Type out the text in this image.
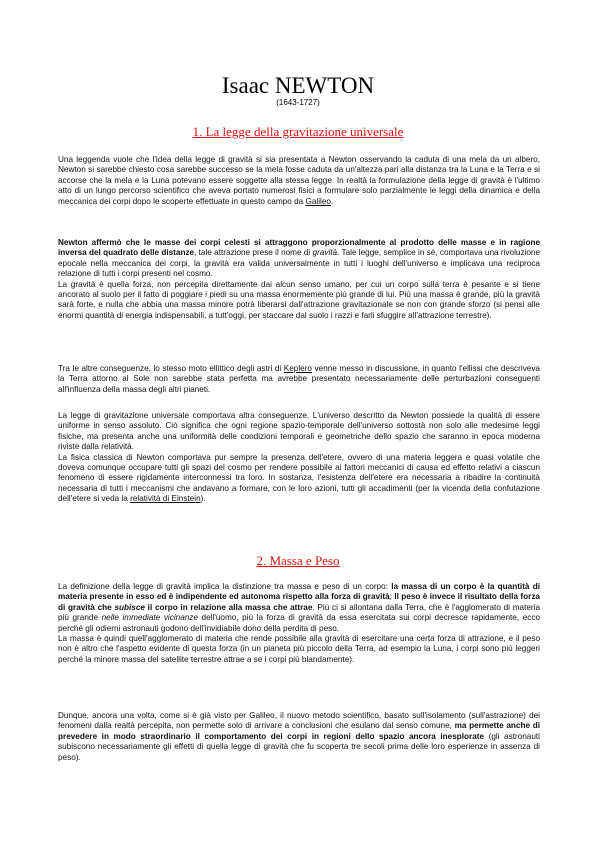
Isaac NEWTON
(1643-1727)
1. La legge della gravitazione universale
Una leggenda vuole che l'idea della legge di gravità si sia presentata a Newton osservando la caduta di una mela da un albero, Newton si sarebbe chiesto cosa sarebbe successo se la mela fosse caduta da un'altezza pari alla distanza tra la Luna e la Terra e si accorse che la mela e la Luna potevano essere soggette alla stessa legge. In realtà la formulazione della legge di gravità è l'ultimo atto di un lungo percorso scientifico che aveva portato numerosi fisici a formulare solo parzialmente le leggi della dinamica e della meccanica dei corpi dopo le scoperte effettuate in questo campo da Galileo.
Newton affermò che le masse dei corpi celesti si attraggono proporzionalmente al prodotto delle masse e in ragione inversa del quadrato delle distanze, tale attrazione prese il nome di gravità. Tale legge, semplice in sé, comportava una rivoluzione epocale nella meccanica dei corpi, la gravità era valida universalmente in tutti i luoghi dell'universo e implicava una reciproca relazione di tutti i corpi presenti nel cosmo.
La gravità è quella forza, non percepita direttamente dai alcun senso umano, per cui un corpo sulla terra è pesante e si tiene ancorato al suolo per il fatto di poggiare i piedi su una massa enormemente più grande di lui. Più una massa è grande, più la gravità sarà forte, e nulla che abbia una massa minore potrà liberarsi dall'attrazione gravitazionale se non con grande sforzo (si pensi alle enormi quantità di energia indispensabili, a tutt'oggi, per staccare dal suolo i razzi e farli sfuggire all'attrazione terrestre).
Tra le altre conseguenze, lo stesso moto ellittico degli astri di Keplero venne messo in discussione, in quanto l'ellissi che descriveva la Terra attorno al Sole non sarebbe stata perfetta ma avrebbe presentato necessariamente delle perturbazioni conseguenti all'influenza della massa degli altri pianeti.
La legge di gravitazione universale comportava altra conseguenze. L'universo descritto da Newton possiede la qualità di essere uniforme in senso assoluto. Ciò significa che ogni regione spazio-temporale dell'universo sottostà non solo alle medesime leggi fisiche, ma presenta anche una uniformità delle condizioni temporali e geometriche dello spazio che saranno in epoca moderna riviste dalla relatività.
La fisica classica di Newton comportava pur sempre la presenza dell'etere, ovvero di una materia leggera e quasi volatile che doveva comunque occupare tutti gli spazi del cosmo per rendere possibile ai fattori meccanici di causa ed effetto relativi a ciascun fenomeno di essere rigidamente interconnessi tra loro. In sostanza, l'esistenza dell'etere era necessaria a ribadire la continuità necessaria di tutti i meccanismi che andavano a formare, con le loro azioni, tutti gli accadimenti (per la vicenda della confutazione dell'etere si veda la relatività di Einstein).
2. Massa e Peso
La definizione della legge di gravità implica la distinzione tra massa e peso di un corpo: la massa di un corpo è la quantità di materia presente in esso ed è indipendente ed autonoma rispetto alla forza di gravità; Il peso è invece il risultato della forza di gravità che subisce il corpo in relazione alla massa che attrae. Più ci si allontana dalla Terra, che è l'agglomerato di materia più grande nelle immediate vicinanze dell'uomo, più la forza di gravità da essa esercitata sui corpi decresce rapidamente, ecco perché gli odierni astronauti godono dell'invidiabile dono della perdita di peso.
La massa è quindi quell'agglomerato di materia che rende possibile alla gravità di esercitare una certa forza di attrazione, e il peso non è altro che l'aspetto evidente di questa forza (in un pianeta più piccolo della Terra, ad esempio la Luna, i corpi sono più leggeri perché la minore massa del satellite terrestre attrae a se i corpi più blandamente).
Dunque, ancora una volta, come si è già visto per Galileo, il nuovo metodo scientifico, basato sull'isolamento (sull'astrazione) dei fenomeni dalla realtà percepita, non permette solo di arrivare a conclusioni che esulano dal senso comune, ma permette anche di prevedere in modo straordinario il comportamento dei corpi in regioni dello spazio ancora inesplorate (gli astronauti subiscono necessariamente gli effetti di quella legge di gravità che fu scoperta tre secoli prima delle loro esperienze in assenza di peso).
